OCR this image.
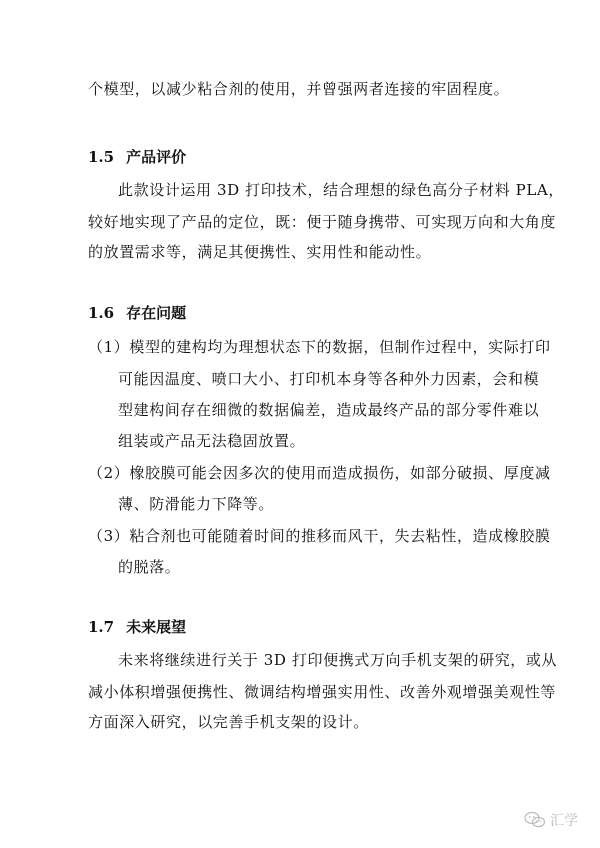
个模型，以减少粘合剂的使用，并曾强两者连接的牢固程度。
1.5 产品评价
此款设计运用 3D 打印技术，结合理想的绿色高分子材料 PLA，
较好地实现了产品的定位，既：便于随身携带、可实现万向和大角度
的放置需求等，满足其便携性、实用性和能动性。
1.6 存在问题
（1）模型的建构均为理想状态下的数据，但制作过程中，实际打印
可能因温度、喷口大小、打印机本身等各种外力因素，会和模
型建构间存在细微的数据偏差，造成最终产品的部分零件难以
组装或产品无法稳固放置。
（2）橡胶膜可能会因多次的使用而造成损伤，如部分破损、厚度减
薄、防滑能力下降等。
（3）粘合剂也可能随着时间的推移而风干，失去粘性，造成橡胶膜
的脱落。
1.7 未来展望
未来将继续进行关于 3D 打印便携式万向手机支架的研究，或从
减小体积增强便携性、微调结构增强实用性、改善外观增强美观性等
方面深入研究，以完善手机支架的设计。
汇学
